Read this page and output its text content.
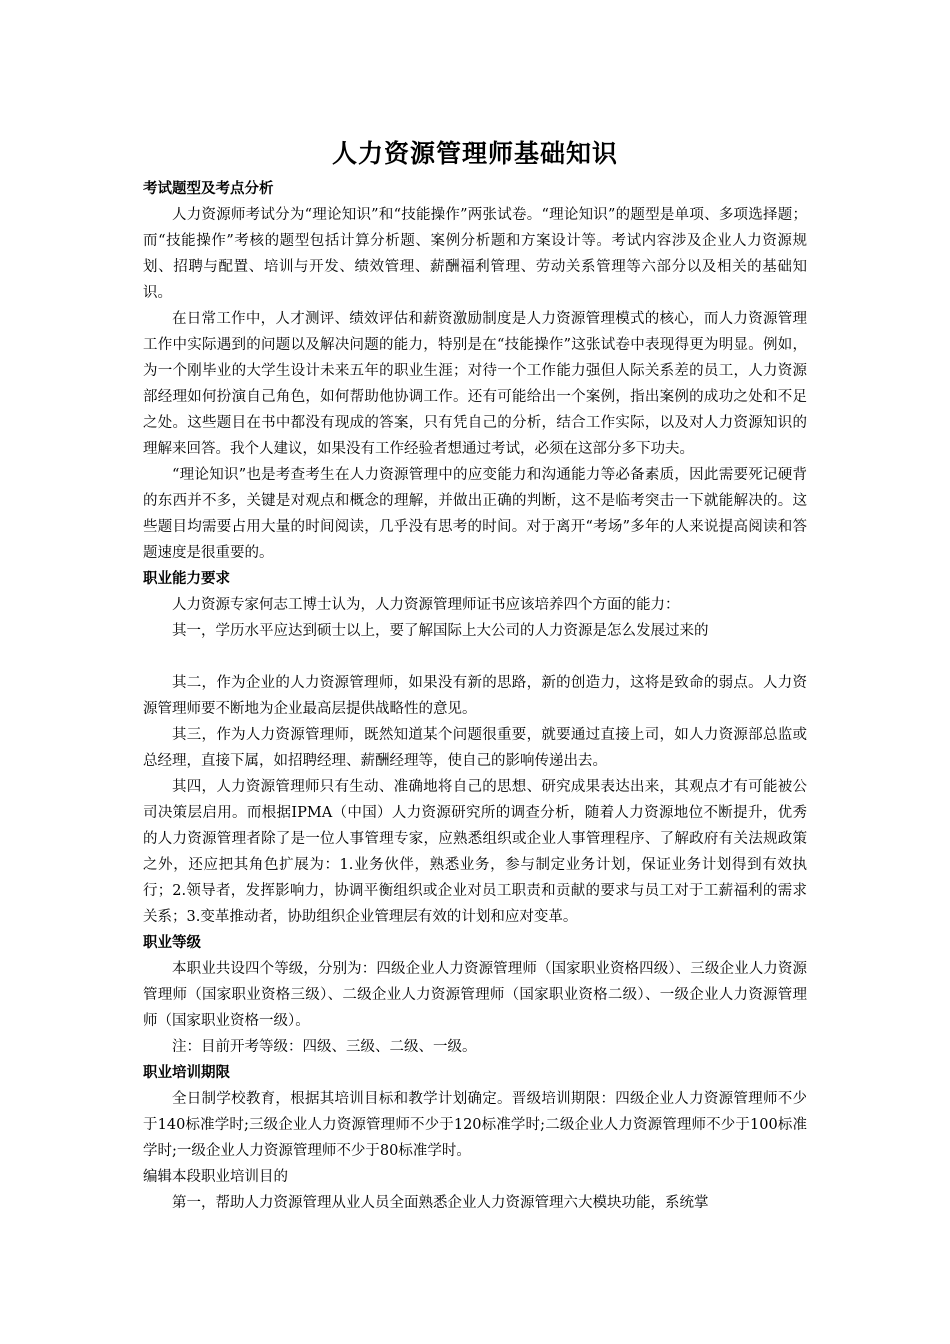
人力资源管理师基础知识

考试题型及考点分析

人力资源师考试分为“理论知识”和“技能操作”两张试卷。“理论知识”的题型是单项、多项选择题；而“技能操作”考核的题型包括计算分析题、案例分析题和方案设计等。考试内容涉及企业人力资源规划、招聘与配置、培训与开发、绩效管理、薪酬福利管理、劳动关系管理等六部分以及相关的基础知识。

在日常工作中，人才测评、绩效评估和薪资激励制度是人力资源管理模式的核心，而人力资源管理工作中实际遇到的问题以及解决问题的能力，特别是在“技能操作”这张试卷中表现得更为明显。例如，为一个刚毕业的大学生设计未来五年的职业生涯；对待一个工作能力强但人际关系差的员工，人力资源部经理如何扮演自己角色，如何帮助他协调工作。还有可能给出一个案例，指出案例的成功之处和不足之处。这些题目在书中都没有现成的答案，只有凭自己的分析，结合工作实际，以及对人力资源知识的理解来回答。我个人建议，如果没有工作经验者想通过考试，必须在这部分多下功夫。

“理论知识”也是考查考生在人力资源管理中的应变能力和沟通能力等必备素质，因此需要死记硬背的东西并不多，关键是对观点和概念的理解，并做出正确的判断，这不是临考突击一下就能解决的。这些题目均需要占用大量的时间阅读，几乎没有思考的时间。对于离开“考场”多年的人来说提高阅读和答题速度是很重要的。

职业能力要求

人力资源专家何志工博士认为，人力资源管理师证书应该培养四个方面的能力：

其一，学历水平应达到硕士以上，要了解国际上大公司的人力资源是怎么发展过来的

其二，作为企业的人力资源管理师，如果没有新的思路，新的创造力，这将是致命的弱点。人力资源管理师要不断地为企业最高层提供战略性的意见。

其三，作为人力资源管理师，既然知道某个问题很重要，就要通过直接上司，如人力资源部总监或总经理，直接下属，如招聘经理、薪酬经理等，使自己的影响传递出去。

其四，人力资源管理师只有生动、准确地将自己的思想、研究成果表达出来，其观点才有可能被公司决策层启用。而根据IPMA（中国）人力资源研究所的调查分析，随着人力资源地位不断提升，优秀的人力资源管理者除了是一位人事管理专家，应熟悉组织或企业人事管理程序、了解政府有关法规政策之外，还应把其角色扩展为：1.业务伙伴，熟悉业务，参与制定业务计划，保证业务计划得到有效执行；2.领导者，发挥影响力，协调平衡组织或企业对员工职责和贡献的要求与员工对于工薪福利的需求关系；3.变革推动者，协助组织企业管理层有效的计划和应对变革。

职业等级

本职业共设四个等级，分别为：四级企业人力资源管理师（国家职业资格四级）、三级企业人力资源管理师（国家职业资格三级）、二级企业人力资源管理师（国家职业资格二级）、一级企业人力资源管理师（国家职业资格一级）。

注：目前开考等级：四级、三级、二级、一级。

职业培训期限

全日制学校教育，根据其培训目标和教学计划确定。晋级培训期限：四级企业人力资源管理师不少于140标准学时;三级企业人力资源管理师不少于120标准学时;二级企业人力资源管理师不少于100标准学时;一级企业人力资源管理师不少于80标准学时。

编辑本段职业培训目的

第一，帮助人力资源管理从业人员全面熟悉企业人力资源管理六大模块功能，系统掌
